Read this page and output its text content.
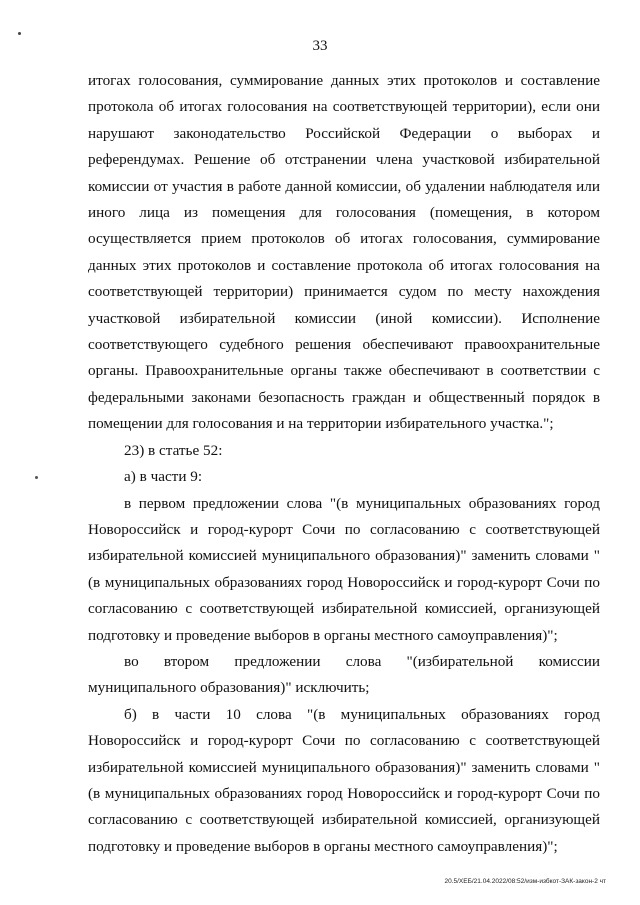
33

итогах голосования, суммирование данных этих протоколов и составление протокола об итогах голосования на соответствующей территории), если они нарушают законодательство Российской Федерации о выборах и референдумах. Решение об отстранении члена участковой избирательной комиссии от участия в работе данной комиссии, об удалении наблюдателя или иного лица из помещения для голосования (помещения, в котором осуществляется прием протоколов об итогах голосования, суммирование данных этих протоколов и составление протокола об итогах голосования на соответствующей территории) принимается судом по месту нахождения участковой избирательной комиссии (иной комиссии). Исполнение соответствующего судебного решения обеспечивают правоохранительные органы. Правоохранительные органы также обеспечивают в соответствии с федеральными законами безопасность граждан и общественный порядок в помещении для голосования и на территории избирательного участка.";

23) в статье 52:

а) в части 9:

в первом предложении слова "(в муниципальных образованиях город Новороссийск и город-курорт Сочи по согласованию с соответствующей избирательной комиссией муниципального образования)" заменить словами "(в муниципальных образованиях город Новороссийск и город-курорт Сочи по согласованию с соответствующей избирательной комиссией, организующей подготовку и проведение выборов в органы местного самоуправления)";

во втором предложении слова "(избирательной комиссии муниципального образования)" исключить;

б) в части 10 слова "(в муниципальных образованиях город Новороссийск и город-курорт Сочи по согласованию с соответствующей избирательной комиссией муниципального образования)" заменить словами "(в муниципальных образованиях город Новороссийск и город-курорт Сочи по согласованию с соответствующей избирательной комиссией, организующей подготовку и проведение выборов в органы местного самоуправления)";

20.5/ХЕБ/21.04.2022/08:52/изм-избкот-ЗАК-закон-2 чт
